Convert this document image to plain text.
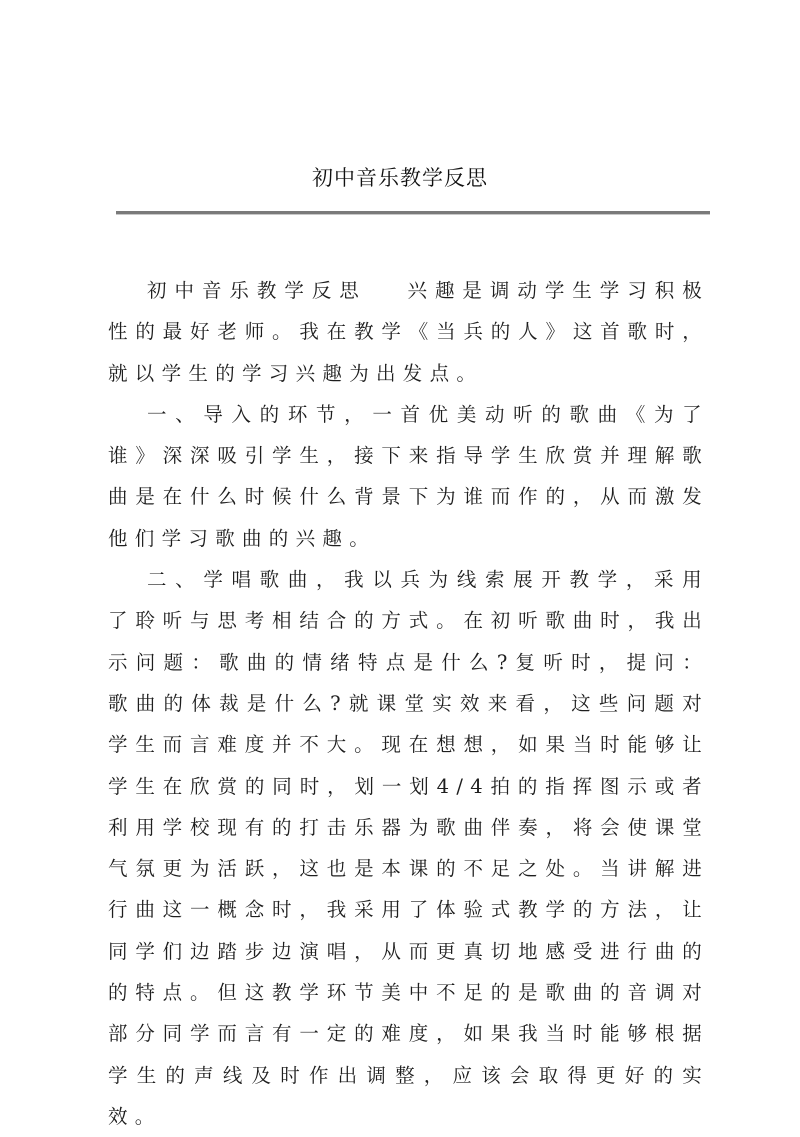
初中音乐教学反思

初中音乐教学反思 兴趣是调动学生学习积极性的最好老师。我在教学《当兵的人》这首歌时，就以学生的学习兴趣为出发点。

一、导入的环节，一首优美动听的歌曲《为了谁》深深吸引学生，接下来指导学生欣赏并理解歌曲是在什么时候什么背景下为谁而作的，从而激发他们学习歌曲的兴趣。

二、学唱歌曲，我以兵为线索展开教学，采用了聆听与思考相结合的方式。在初听歌曲时，我出示问题：歌曲的情绪特点是什么?复听时，提问：歌曲的体裁是什么?就课堂实效来看，这些问题对学生而言难度并不大。现在想想，如果当时能够让学生在欣赏的同时，划一划4/4拍的指挥图示或者利用学校现有的打击乐器为歌曲伴奏，将会使课堂气氛更为活跃，这也是本课的不足之处。当讲解进行曲这一概念时，我采用了体验式教学的方法，让同学们边踏步边演唱，从而更真切地感受进行曲的的特点。但这教学环节美中不足的是歌曲的音调对部分同学而言有一定的难度，如果我当时能够根据学生的声线及时作出调整，应该会取得更好的实效。
